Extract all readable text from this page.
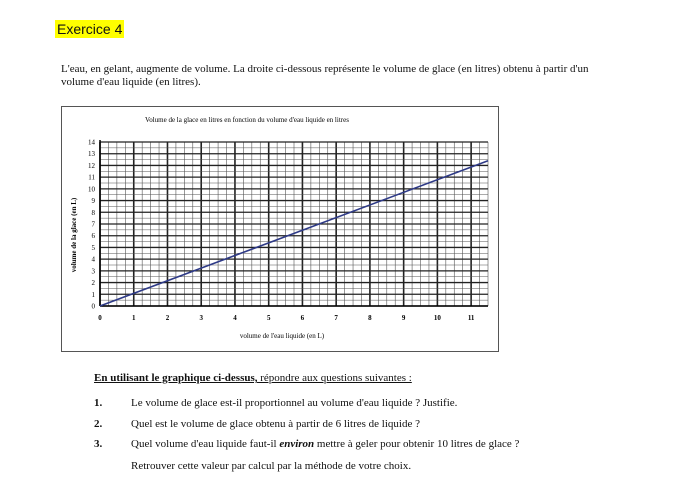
Exercice 4
L'eau, en gelant, augmente de volume. La droite ci-dessous représente le volume de glace (en litres) obtenu à partir d'un volume d'eau liquide (en litres).
Volume de la glace en litres en fonction du volume d'eau liquide en litres
0	1	2	3	4	5	6	7	8	9	10	11
0
1
2
3
4
5
6
7
8
9
10
11
12
13
14
volume de l'eau liquide (en L)
volume de la glace (en L)
En utilisant le graphique ci-dessus, répondre aux questions suivantes :
1.	Le volume de glace est-il proportionnel au volume d'eau liquide ? Justifie.
2.	Quel est le volume de glace obtenu à partir de 6 litres de liquide ?
3.	Quel volume d'eau liquide faut-il environ mettre à geler pour obtenir 10 litres de glace ?
Retrouver cette valeur par calcul par la méthode de votre choix.
